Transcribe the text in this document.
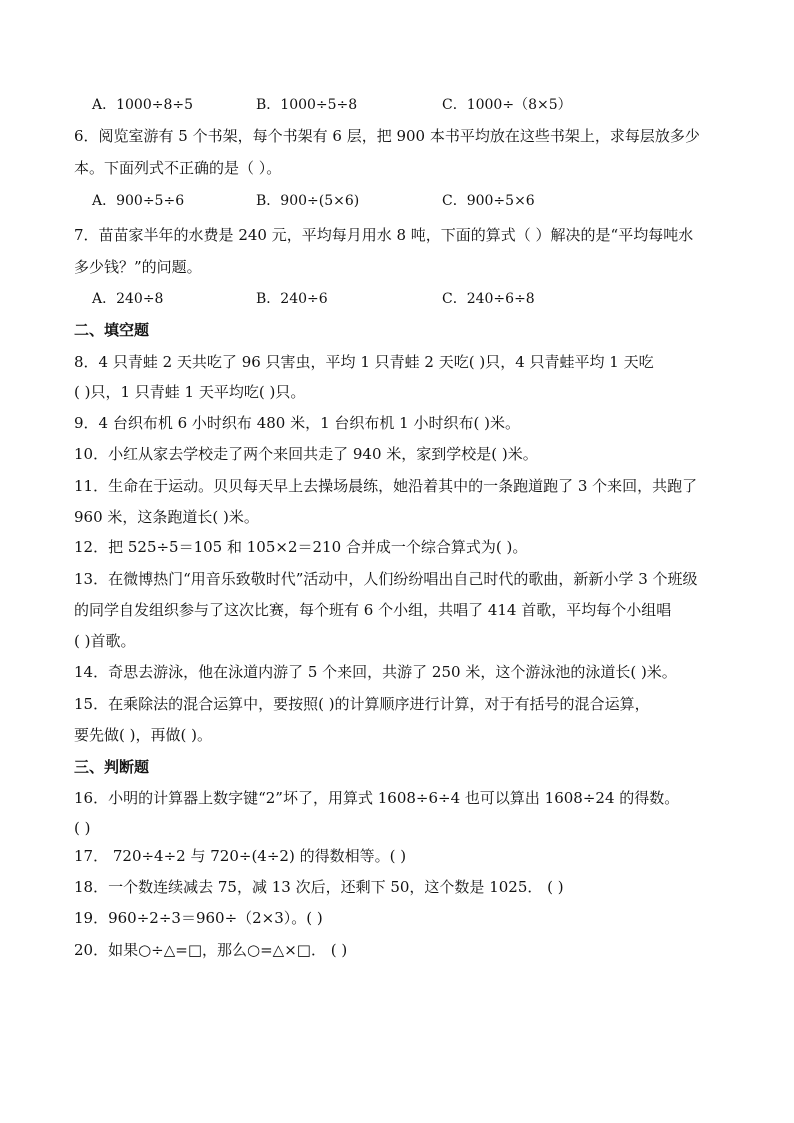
A．1000÷8÷5	B．1000÷5÷8	C．1000÷（8×5）
6．阅览室游有 5 个书架，每个书架有 6 层，把 900 本书平均放在这些书架上，求每层放多少
本。下面列式不正确的是（ ）。
A．900÷5÷6	B．900÷(5×6)	C．900÷5×6
7．苗苗家半年的水费是 240 元，平均每月用水 8 吨，下面的算式（ ）解决的是“平均每吨水
多少钱？”的问题。
A．240÷8	B．240÷6	C．240÷6÷8
二、填空题
8．4 只青蛙 2 天共吃了 96 只害虫，平均 1 只青蛙 2 天吃( )只，4 只青蛙平均 1 天吃
( )只，1 只青蛙 1 天平均吃( )只。
9．4 台织布机 6 小时织布 480 米，1 台织布机 1 小时织布( )米。
10．小红从家去学校走了两个来回共走了 940 米，家到学校是( )米。
11．生命在于运动。贝贝每天早上去操场晨练，她沿着其中的一条跑道跑了 3 个来回，共跑了
960 米，这条跑道长( )米。
12．把 525÷5＝105 和 105×2＝210 合并成一个综合算式为( )。
13．在微博热门“用音乐致敬时代”活动中，人们纷纷唱出自己时代的歌曲，新新小学 3 个班级
的同学自发组织参与了这次比赛，每个班有 6 个小组，共唱了 414 首歌，平均每个小组唱
( )首歌。
14．奇思去游泳，他在泳道内游了 5 个来回，共游了 250 米，这个游泳池的泳道长( )米。
15．在乘除法的混合运算中，要按照( )的计算顺序进行计算，对于有括号的混合运算，
要先做( )，再做( )。
三、判断题
16．小明的计算器上数字键“2”坏了，用算式 1608÷6÷4 也可以算出 1608÷24 的得数。
( )
17． 720÷4÷2 与 720÷(4÷2) 的得数相等。( )
18．一个数连续减去 75，减 13 次后，还剩下 50，这个数是 1025． ( )
19．960÷2÷3＝960÷（2×3）。( )
20．如果○÷△=□，那么○=△×□． ( )
